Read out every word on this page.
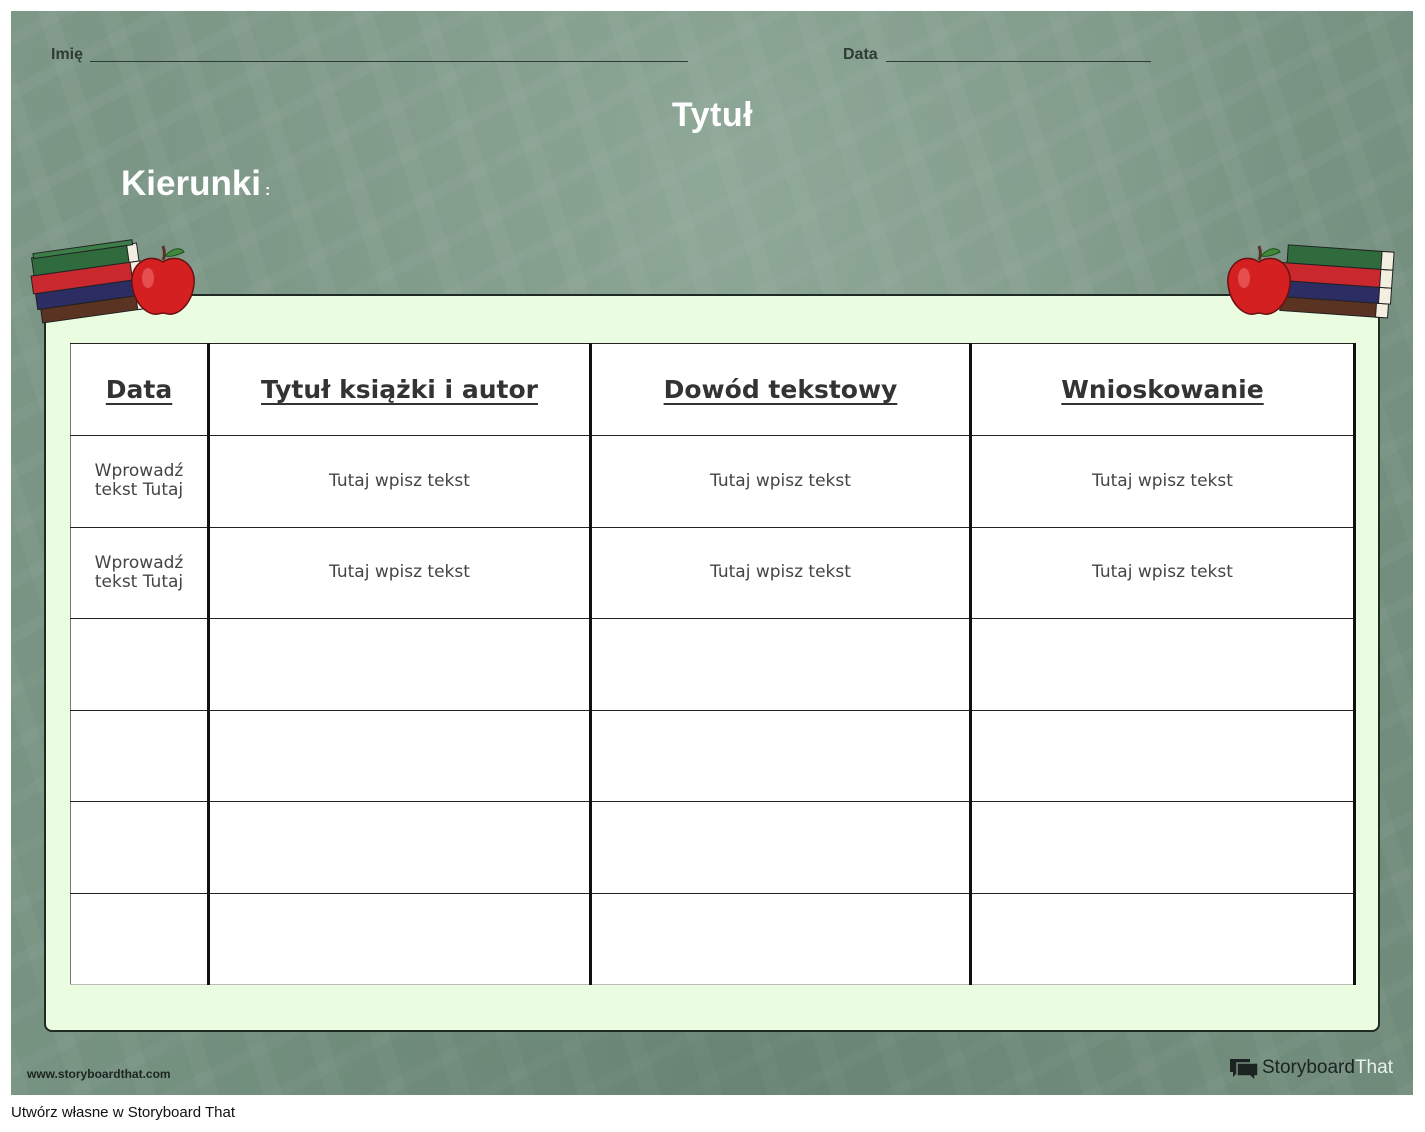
Imię	Data
Tytuł
Kierunki :
Data	Tytuł książki i autor	Dowód tekstowy	Wnioskowanie
Wprowadź tekst Tutaj	Tutaj wpisz tekst	Tutaj wpisz tekst	Tutaj wpisz tekst
Wprowadź tekst Tutaj	Tutaj wpisz tekst	Tutaj wpisz tekst	Tutaj wpisz tekst

www.storyboardthat.com	StoryboardThat
Utwórz własne w Storyboard That
